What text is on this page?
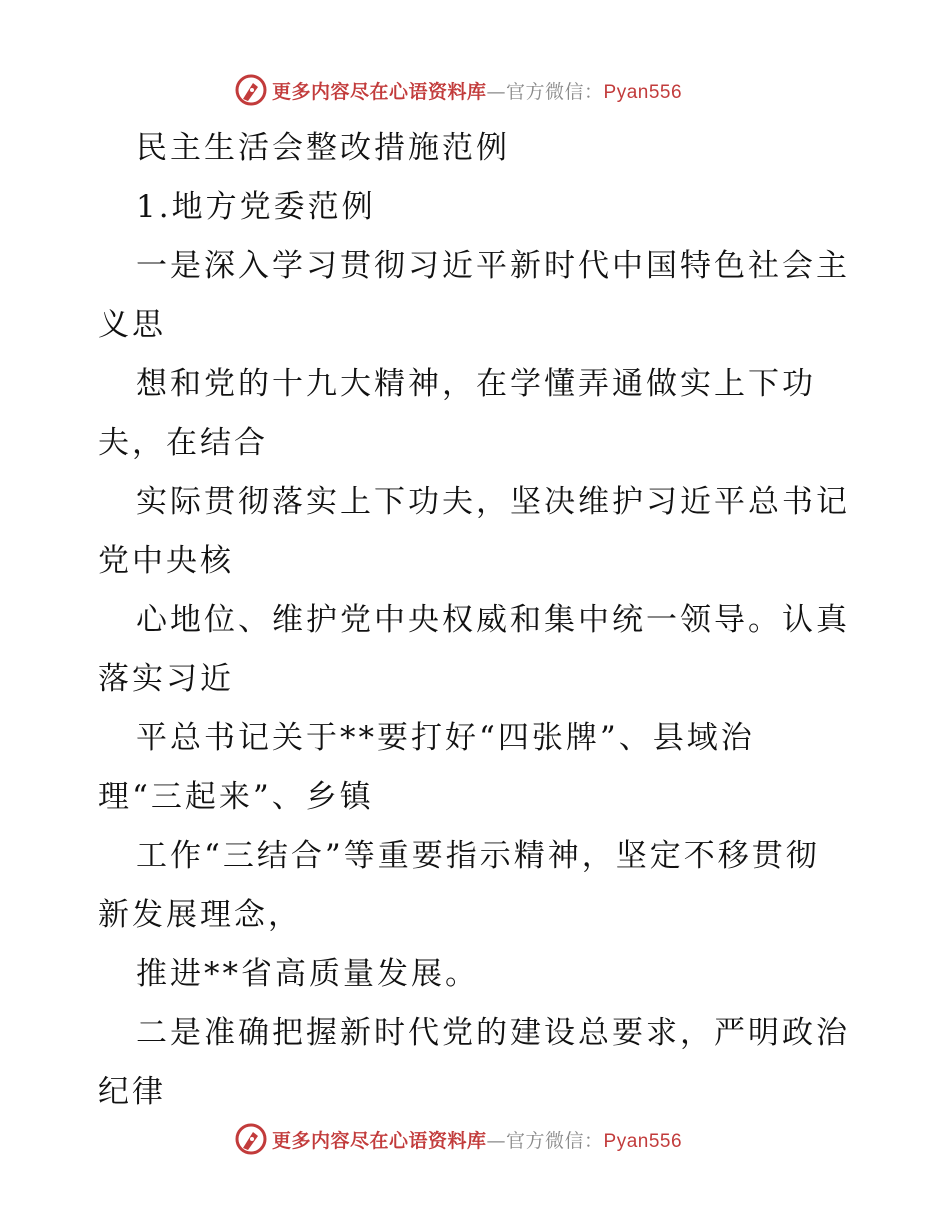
更多内容尽在心语资料库—官方微信：Pyan556
民主生活会整改措施范例
1.地方党委范例
一是深入学习贯彻习近平新时代中国特色社会主
义思
想和党的十九大精神，在学懂弄通做实上下功
夫，在结合
实际贯彻落实上下功夫，坚决维护习近平总书记
党中央核
心地位、维护党中央权威和集中统一领导。认真
落实习近
平总书记关于**要打好“四张牌”、县域治
理“三起来”、乡镇
工作“三结合”等重要指示精神，坚定不移贯彻
新发展理念，
推进**省高质量发展。
二是准确把握新时代党的建设总要求，严明政治
纪律
更多内容尽在心语资料库—官方微信：Pyan556
